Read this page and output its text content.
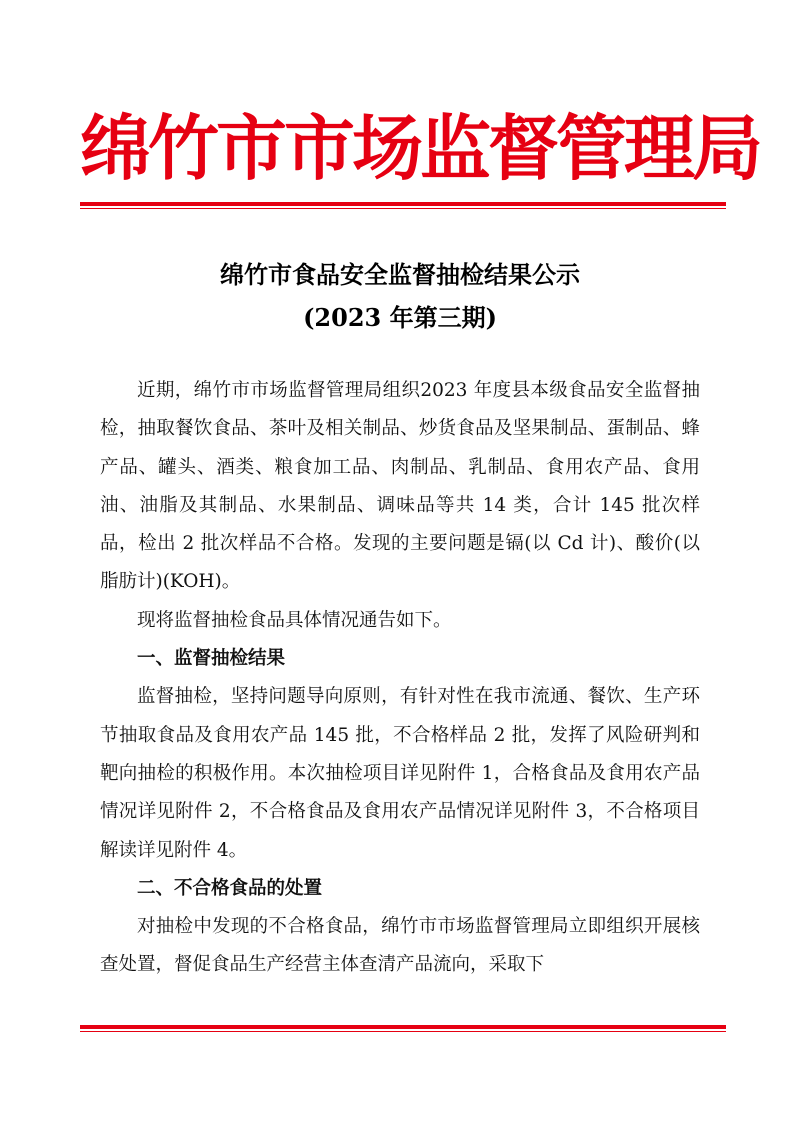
绵竹市市场监督管理局
绵竹市食品安全监督抽检结果公示
(2023 年第三期)

近期，绵竹市市场监督管理局组织2023 年度县本级食品安全监督抽检，抽取餐饮食品、茶叶及相关制品、炒货食品及坚果制品、蛋制品、蜂产品、罐头、酒类、粮食加工品、肉制品、乳制品、食用农产品、食用油、油脂及其制品、水果制品、调味品等共 14 类，合计 145 批次样品，检出 2 批次样品不合格。发现的主要问题是镉(以 Cd 计)、酸价(以脂肪计)(KOH)。

现将监督抽检食品具体情况通告如下。

一、监督抽检结果

监督抽检，坚持问题导向原则，有针对性在我市流通、餐饮、生产环节抽取食品及食用农产品 145 批，不合格样品 2 批，发挥了风险研判和靶向抽检的积极作用。本次抽检项目详见附件 1，合格食品及食用农产品情况详见附件 2，不合格食品及食用农产品情况详见附件 3，不合格项目解读详见附件 4。

二、不合格食品的处置

对抽检中发现的不合格食品，绵竹市市场监督管理局立即组织开展核查处置，督促食品生产经营主体查清产品流向，采取下
